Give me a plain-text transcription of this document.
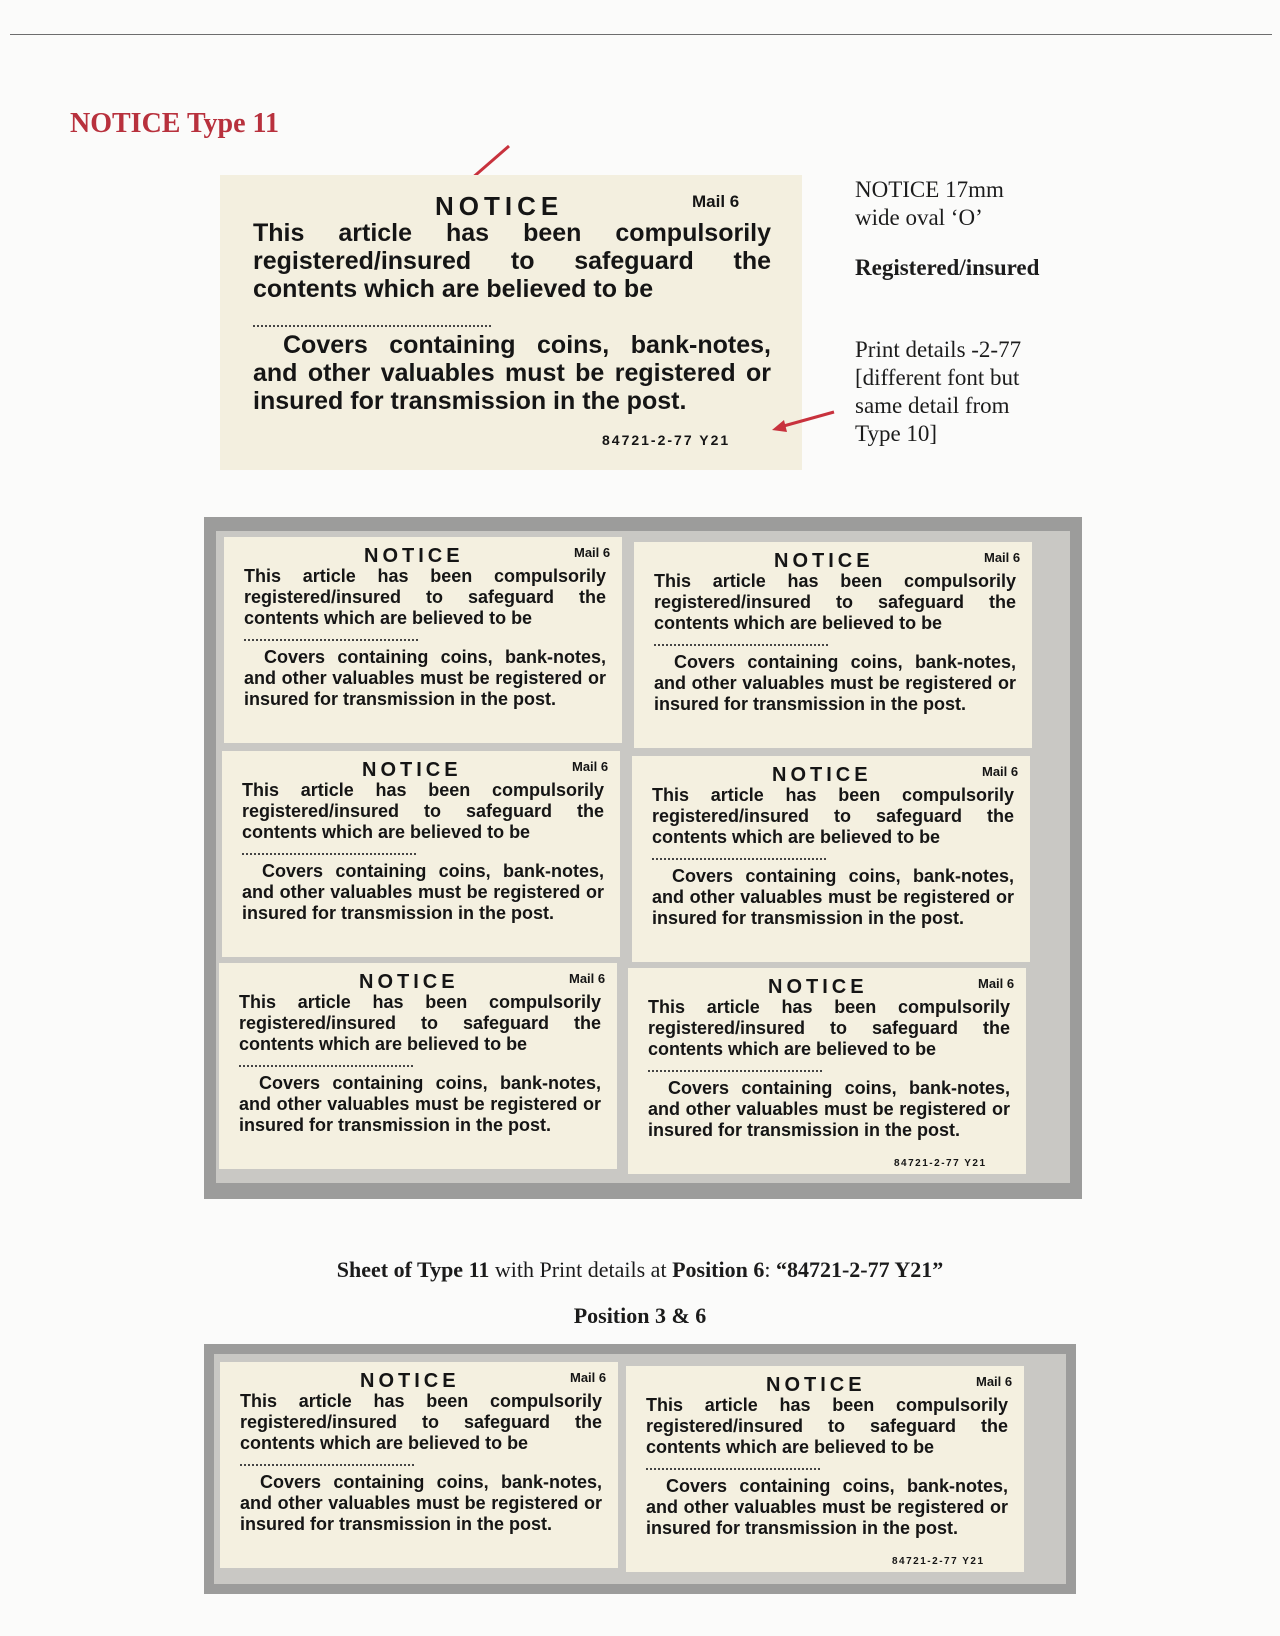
NOTICE Type 11
NOTICE	Mail 6
This article has been compulsorily registered/insured to safeguard the contents which are believed to be
Covers containing coins, bank-notes, and other valuables must be registered or insured for transmission in the post.
84721-2-77 Y21

NOTICE 17mm
wide oval ‘O’

Registered/insured

Print details -2-77
[different font but
same detail from
Type 10]

NOTICE	Mail 6
This article has been compulsorily registered/insured to safeguard the contents which are believed to be
Covers containing coins, bank-notes, and other valuables must be registered or insured for transmission in the post.
NOTICE	Mail 6
This article has been compulsorily registered/insured to safeguard the contents which are believed to be
Covers containing coins, bank-notes, and other valuables must be registered or insured for transmission in the post.
NOTICE	Mail 6
This article has been compulsorily registered/insured to safeguard the contents which are believed to be
Covers containing coins, bank-notes, and other valuables must be registered or insured for transmission in the post.
NOTICE	Mail 6
This article has been compulsorily registered/insured to safeguard the contents which are believed to be
Covers containing coins, bank-notes, and other valuables must be registered or insured for transmission in the post.
NOTICE	Mail 6
This article has been compulsorily registered/insured to safeguard the contents which are believed to be
Covers containing coins, bank-notes, and other valuables must be registered or insured for transmission in the post.
NOTICE	Mail 6
This article has been compulsorily registered/insured to safeguard the contents which are believed to be
Covers containing coins, bank-notes, and other valuables must be registered or insured for transmission in the post.
84721-2-77 Y21

Sheet of Type 11 with Print details at Position 6: “84721-2-77 Y21”

Position 3 & 6

NOTICE	Mail 6
This article has been compulsorily registered/insured to safeguard the contents which are believed to be
Covers containing coins, bank-notes, and other valuables must be registered or insured for transmission in the post.
NOTICE	Mail 6
This article has been compulsorily registered/insured to safeguard the contents which are believed to be
Covers containing coins, bank-notes, and other valuables must be registered or insured for transmission in the post.
84721-2-77 Y21
